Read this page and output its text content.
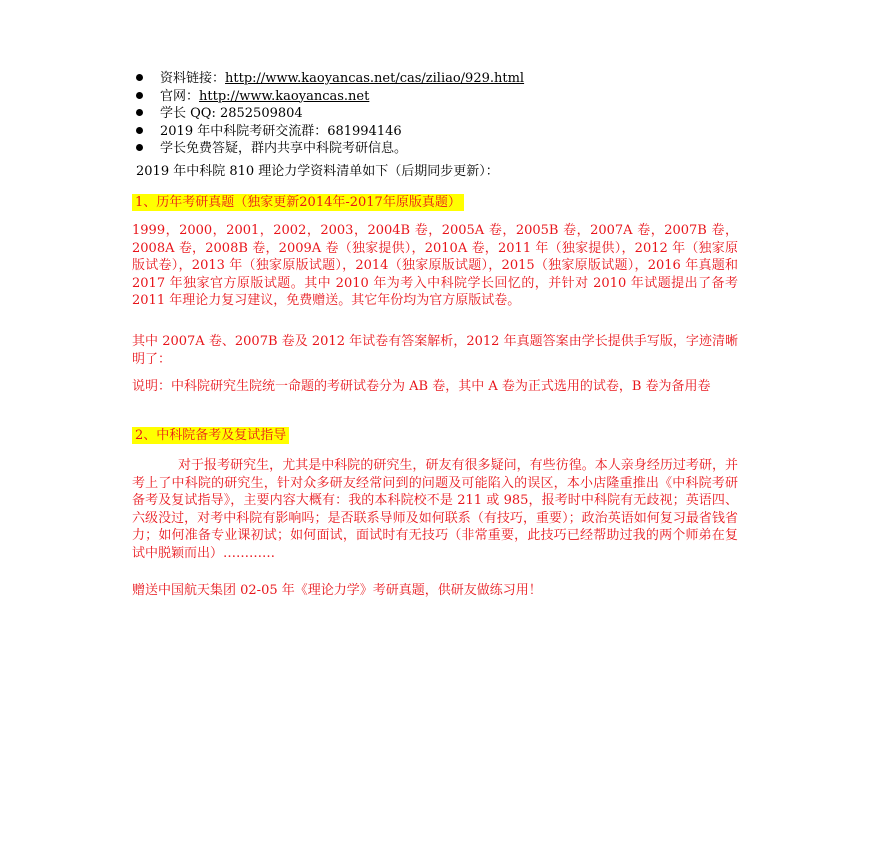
资料链接：http://www.kaoyancas.net/cas/ziliao/929.html
官网：http://www.kaoyancas.net
学长 QQ: 2852509804
2019 年中科院考研交流群：681994146
学长免费答疑，群内共享中科院考研信息。
2019 年中科院 810 理论力学资料清单如下（后期同步更新）：
1、历年考研真题（独家更新2014年-2017年原版真题）

1999，2000，2001，2002，2003，2004B 卷，2005A 卷，2005B 卷，2007A 卷，2007B 卷，2008A 卷，2008B 卷，2009A 卷（独家提供），2010A 卷，2011 年（独家提供），2012 年（独家原版试卷），2013 年（独家原版试题），2014（独家原版试题），2015（独家原版试题），2016 年真题和 2017 年独家官方原版试题。其中 2010 年为考入中科院学长回忆的，并针对 2010 年试题提出了备考 2011 年理论力复习建议，免费赠送。其它年份均为官方原版试卷。

其中 2007A 卷、2007B 卷及 2012 年试卷有答案解析，2012 年真题答案由学长提供手写版，字迹清晰明了：

说明：中科院研究生院统一命题的考研试卷分为 AB 卷，其中 A 卷为正式选用的试卷，B 卷为备用卷

2、中科院备考及复试指导

对于报考研究生，尤其是中科院的研究生，研友有很多疑问，有些彷徨。本人亲身经历过考研，并考上了中科院的研究生，针对众多研友经常问到的问题及可能陷入的误区，本小店隆重推出《中科院考研备考及复试指导》，主要内容大概有：我的本科院校不是 211 或 985，报考时中科院有无歧视；英语四、六级没过，对考中科院有影响吗；是否联系导师及如何联系（有技巧，重要）；政治英语如何复习最省钱省力；如何准备专业课初试；如何面试，面试时有无技巧（非常重要，此技巧已经帮助过我的两个师弟在复试中脱颖而出）…………

赠送中国航天集团 02-05 年《理论力学》考研真题，供研友做练习用！
